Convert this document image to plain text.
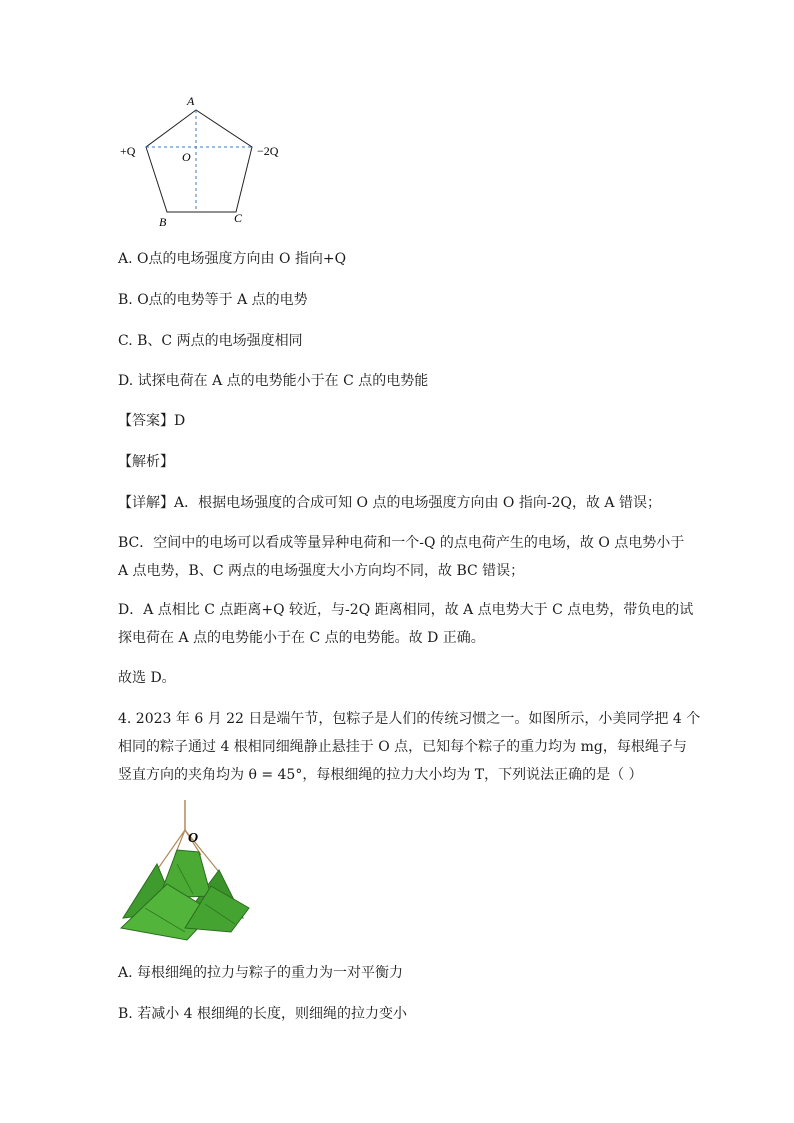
A
O
B	C
+Q	−2Q
A. O点的电场强度方向由 O 指向+Q
B. O点的电势等于 A 点的电势
C. B、C 两点的电场强度相同
D. 试探电荷在 A 点的电势能小于在 C 点的电势能
【答案】D
【解析】
【详解】A．根据电场强度的合成可知 O 点的电场强度方向由 O 指向-2Q，故 A 错误；
BC．空间中的电场可以看成等量异种电荷和一个-Q 的点电荷产生的电场，故 O 点电势小于
A 点电势，B、C 两点的电场强度大小方向均不同，故 BC 错误；
D．A 点相比 C 点距离+Q 较近，与-2Q 距离相同，故 A 点电势大于 C 点电势，带负电的试
探电荷在 A 点的电势能小于在 C 点的电势能。故 D 正确。
故选 D。
4. 2023 年 6 月 22 日是端午节，包粽子是人们的传统习惯之一。如图所示，小美同学把 4 个
相同的粽子通过 4 根相同细绳静止悬挂于 O 点，已知每个粽子的重力均为 mg，每根绳子与
竖直方向的夹角均为 θ = 45°，每根细绳的拉力大小均为 T，下列说法正确的是（ ）
O
A. 每根细绳的拉力与粽子的重力为一对平衡力
B. 若减小 4 根细绳的长度，则细绳的拉力变小
